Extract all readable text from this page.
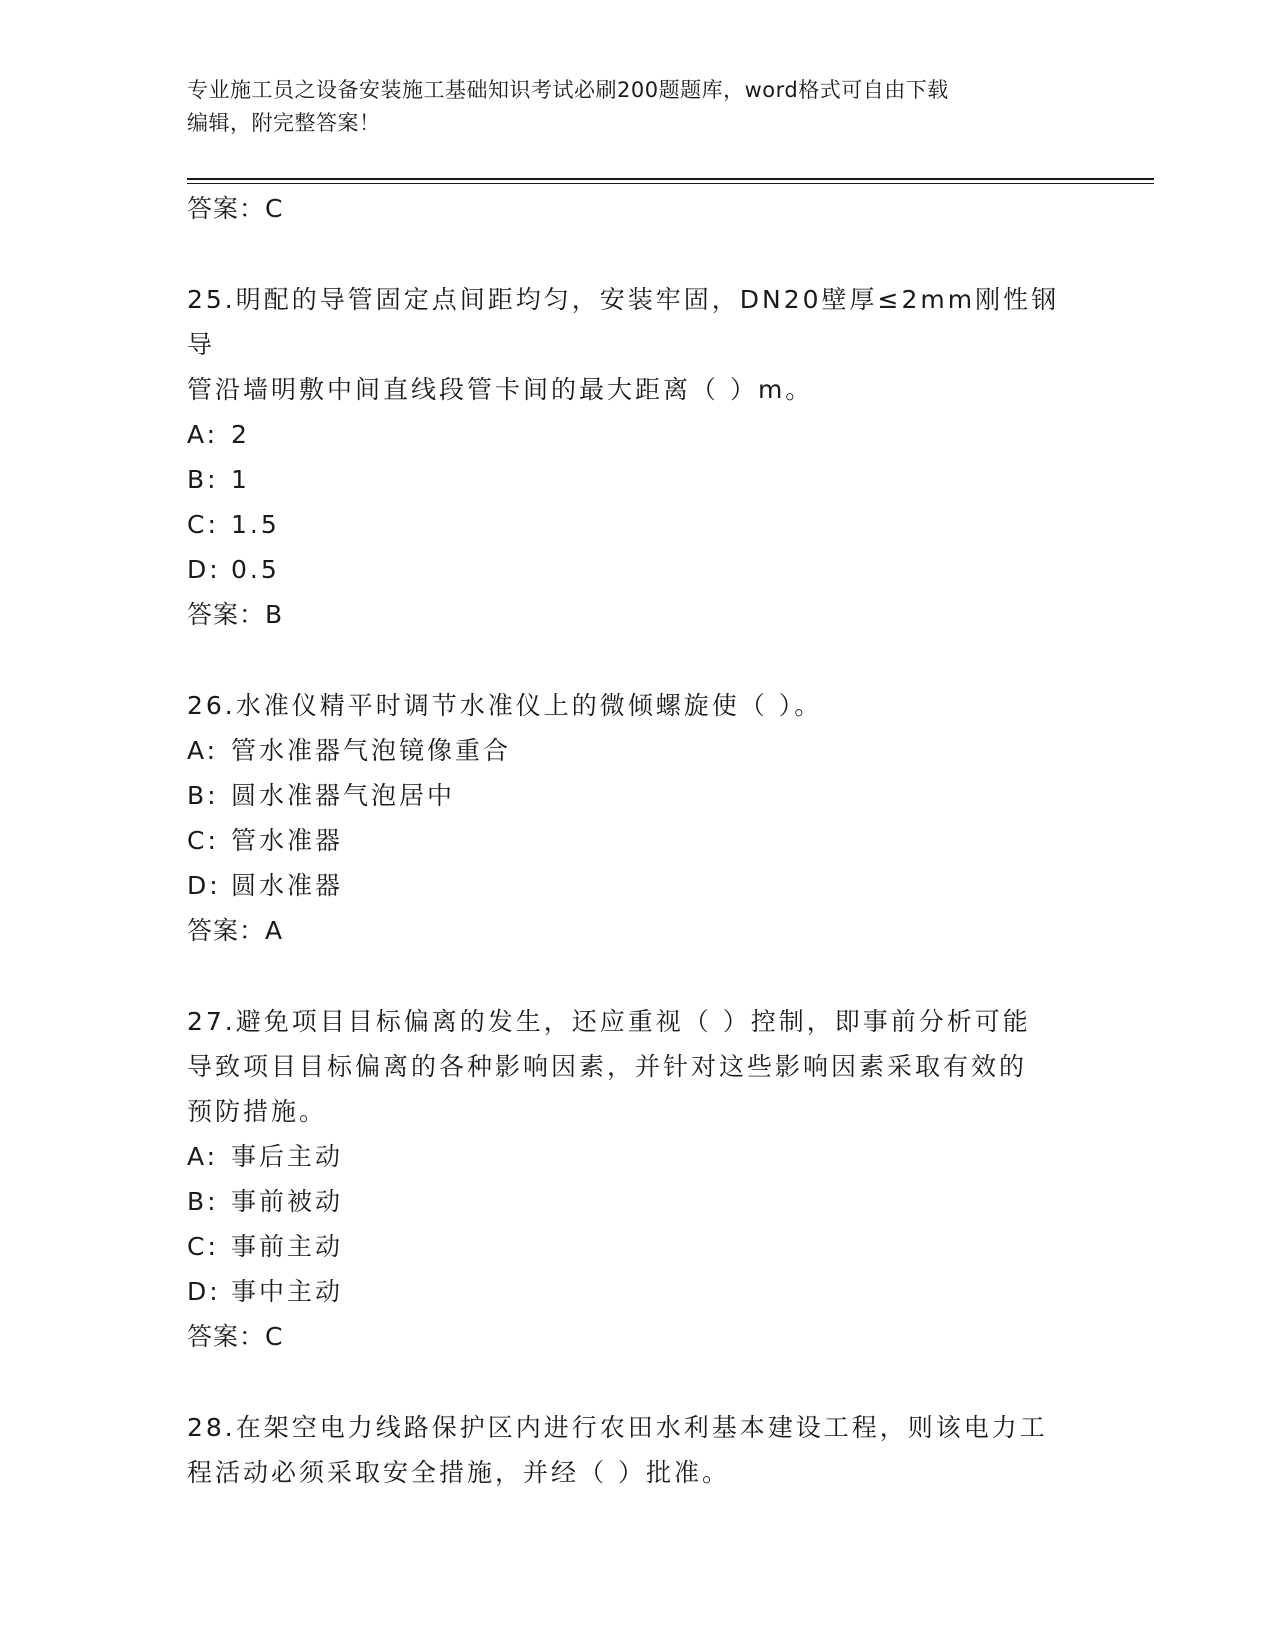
专业施工员之设备安装施工基础知识考试必刷200题题库，word格式可自由下载
编辑，附完整答案！
答案：C
25.明配的导管固定点间距均匀，安装牢固，DN20壁厚≤2mm刚性钢导
管沿墙明敷中间直线段管卡间的最大距离（ ）m。
A: 2
B: 1
C: 1.5
D: 0.5
答案：B
26.水准仪精平时调节水准仪上的微倾螺旋使（ ）。
A: 管水准器气泡镜像重合
B: 圆水准器气泡居中
C: 管水准器
D: 圆水准器
答案：A
27.避免项目目标偏离的发生，还应重视（ ）控制，即事前分析可能
导致项目目标偏离的各种影响因素，并针对这些影响因素采取有效的
预防措施。
A: 事后主动
B: 事前被动
C: 事前主动
D: 事中主动
答案：C
28.在架空电力线路保护区内进行农田水利基本建设工程，则该电力工
程活动必须采取安全措施，并经（ ）批准。
